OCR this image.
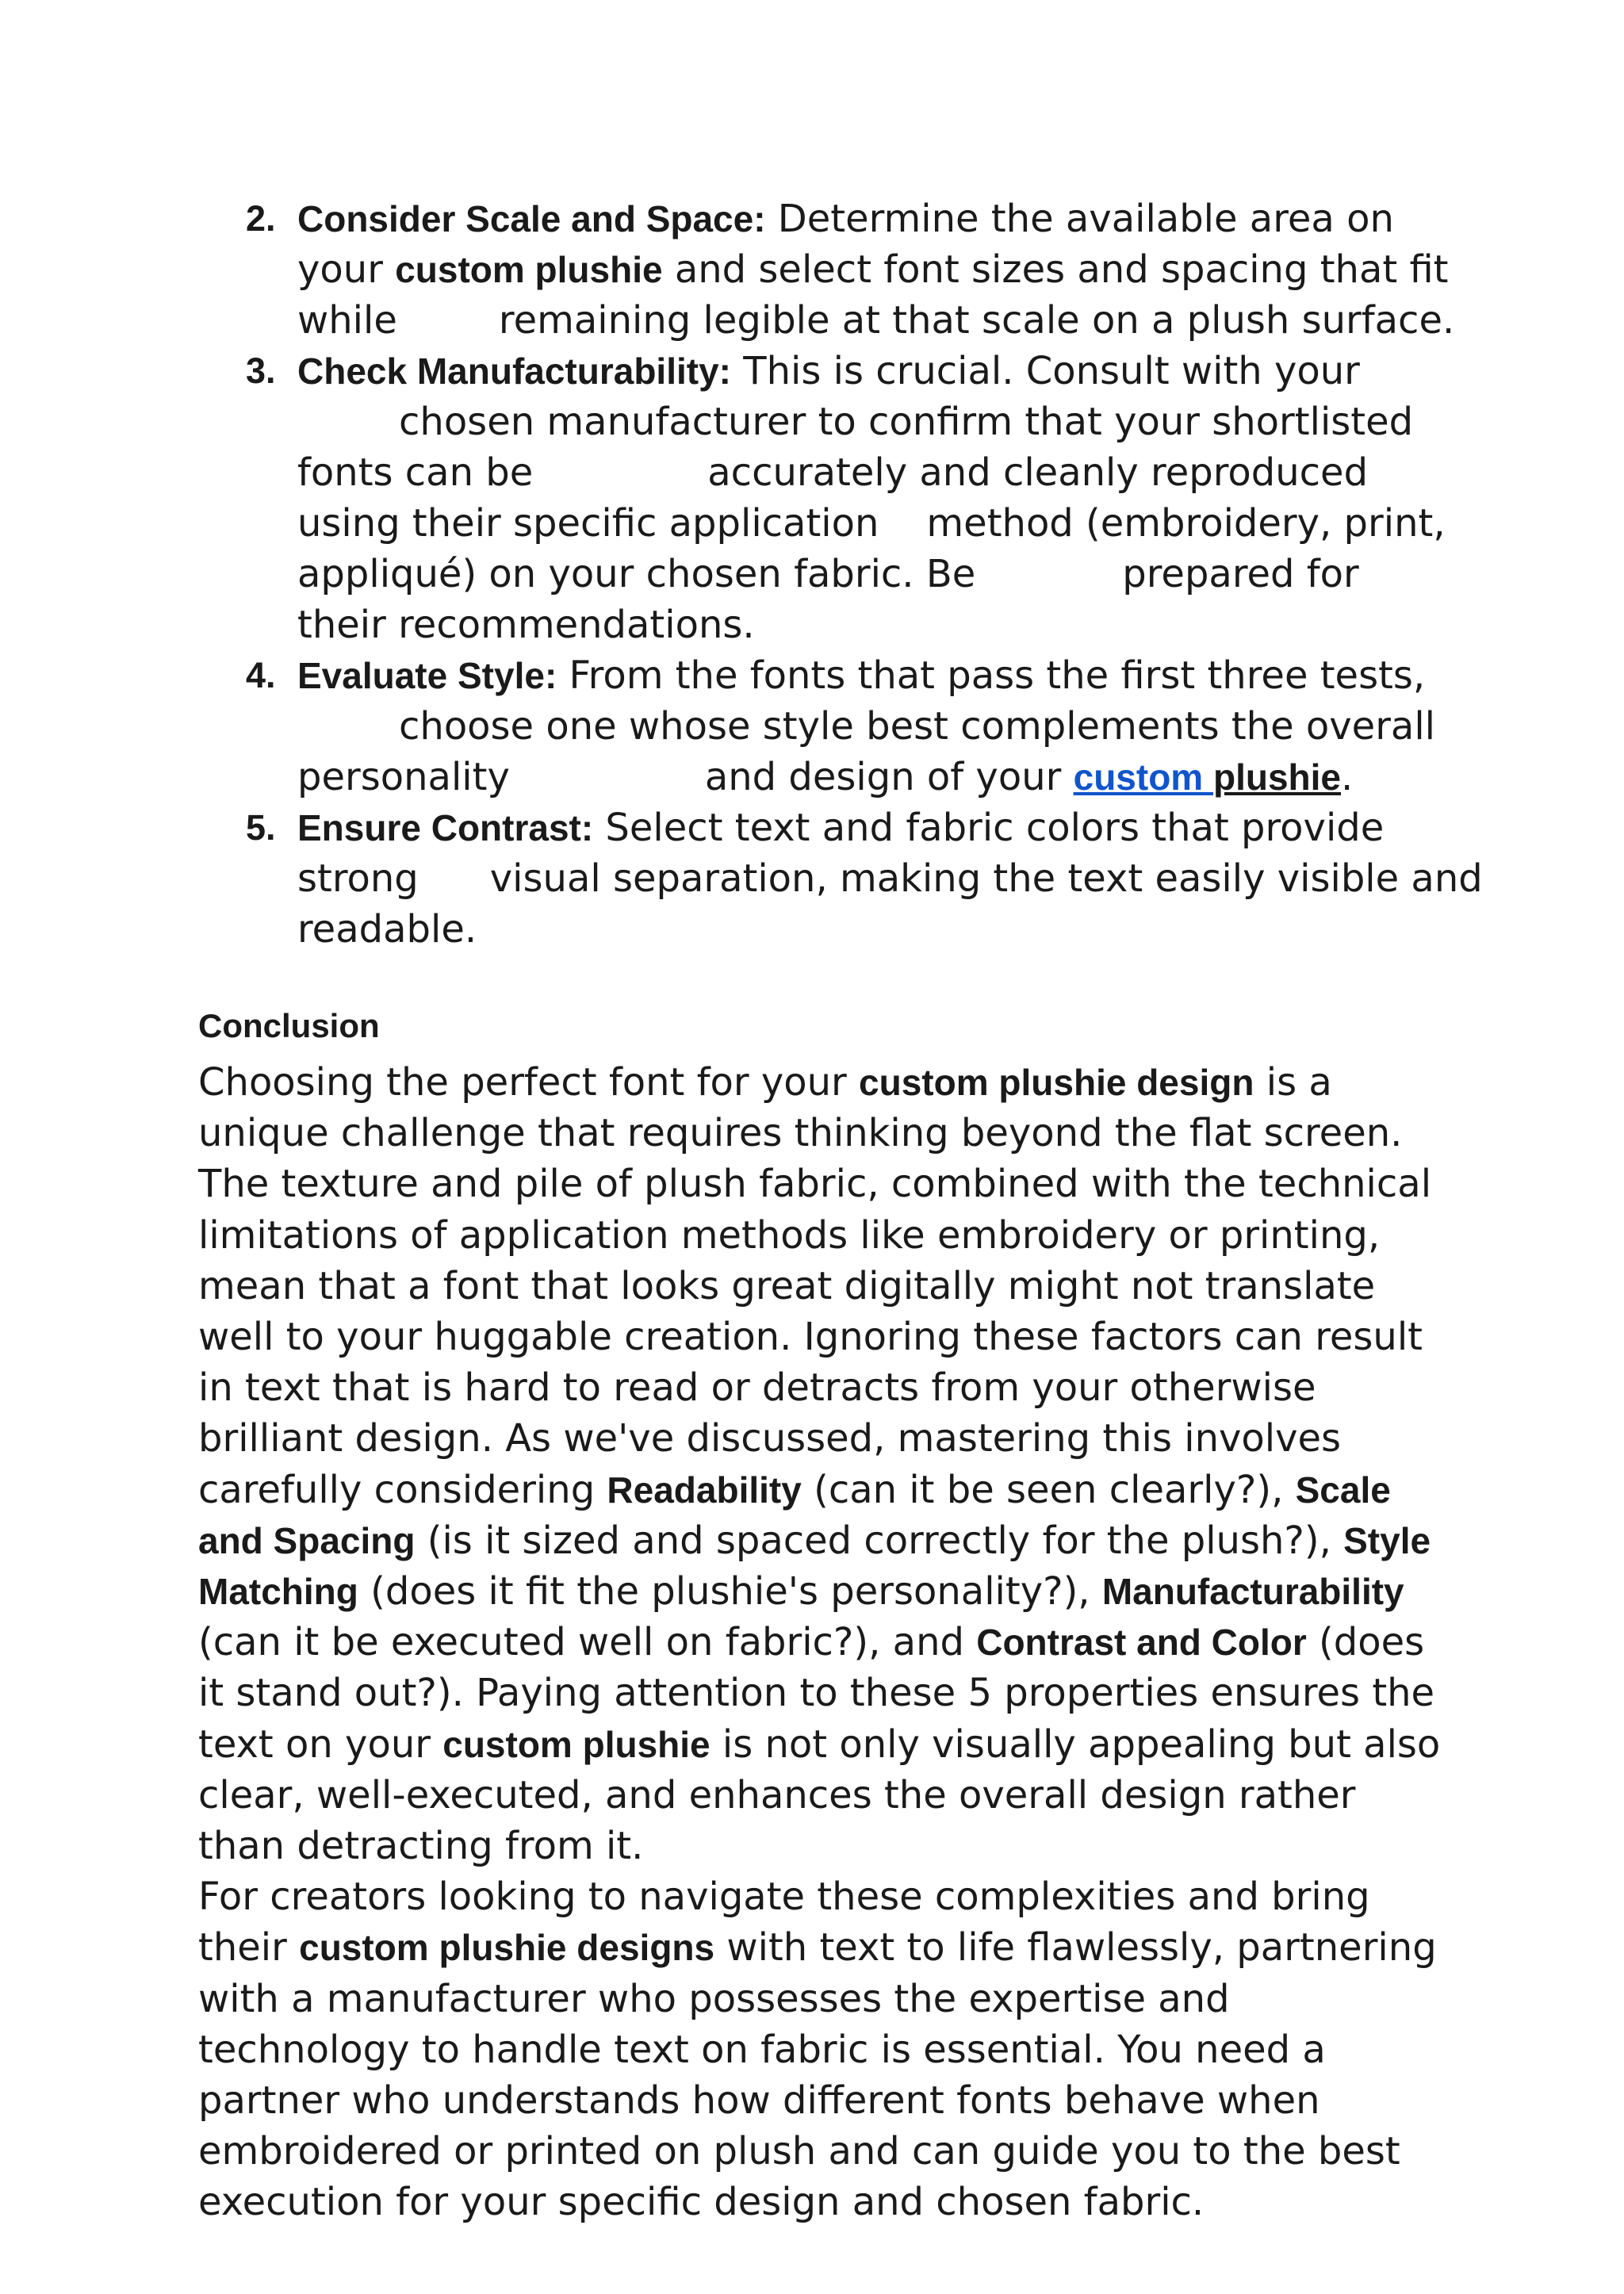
2. Consider Scale and Space: Determine the available area on
your custom plushie and select font sizes and spacing that fit
while	remaining legible at that scale on a plush surface.
3. Check Manufacturability: This is crucial. Consult with your
chosen manufacturer to confirm that your shortlisted
fonts can be	accurately and cleanly reproduced
using their specific application method (embroidery, print,
appliqué) on your chosen fabric. Be	prepared for
their recommendations.
4. Evaluate Style: From the fonts that pass the first three tests,
choose one whose style best complements the overall
personality	and design of your custom plushie.
5. Ensure Contrast: Select text and fabric colors that provide
strong visual separation, making the text easily visible and
readable.
Conclusion

Choosing the perfect font for your custom plushie design is a unique challenge that requires thinking beyond the flat screen. The texture and pile of plush fabric, combined with the technical limitations of application methods like embroidery or printing, mean that a font that looks great digitally might not translate well to your huggable creation. Ignoring these factors can result in text that is hard to read or detracts from your otherwise brilliant design. As we've discussed, mastering this involves carefully considering Readability (can it be seen clearly?), Scale and Spacing (is it sized and spaced correctly for the plush?), Style Matching (does it fit the plushie's personality?), Manufacturability (can it be executed well on fabric?), and Contrast and Color (does it stand out?). Paying attention to these 5 properties ensures the text on your custom plushie is not only visually appealing but also clear, well-executed, and enhances the overall design rather than detracting from it.
For creators looking to navigate these complexities and bring their custom plushie designs with text to life flawlessly, partnering with a manufacturer who possesses the expertise and technology to handle text on fabric is essential. You need a partner who understands how different fonts behave when embroidered or printed on plush and can guide you to the best execution for your specific design and chosen fabric.
